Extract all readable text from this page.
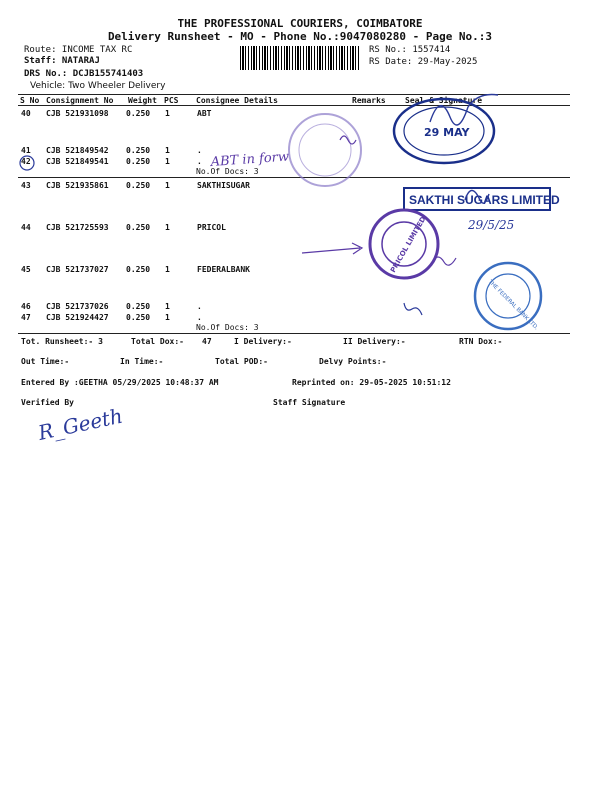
THE PROFESSIONAL COURIERS, COIMBATORE
Delivery Runsheet - MO - Phone No.:9047080280 - Page No.:3
Route: INCOME TAX RC
Staff: NATARAJ
DRS No.: DCJB155741403
Vehicle: Two Wheeler Delivery
RS No.: 1557414
RS Date: 29-May-2025
S No Consignment No Weight PCS Consignee Details	Remarks Seal & Signature
40 CJB 521931098 0.250 1	ABT
41 CJB 521849542 0.250 1	.
42 CJB 521849541 0.250 1	.
No.Of Docs: 3
43 CJB 521935861 0.250 1	SAKTHISUGAR
44 CJB 521725593 0.250 1	PRICOL
45 CJB 521737027 0.250 1	FEDERALBANK
46 CJB 521737026 0.250 1	.
47 CJB 521924427 0.250 1	.
No.Of Docs: 3
Tot. Runsheet:- 3	Total Dox:- 47	I Delivery:-	II Delivery:-	RTN Dox:-
Out Time:-	In Time:-	Total POD:-	Delvy Points:-
Entered By :GEETHA 05/29/2025 10:48:37 AM	Reprinted on: 29-05-2025 10:51:12
Verified By	Staff Signature
29 MAY
SAKTHI SUGARS LIMITED
PRICOL LIMITED
THE FEDERAL BANK LTD.
ABT in forw
29/5/25
R_Geeth
